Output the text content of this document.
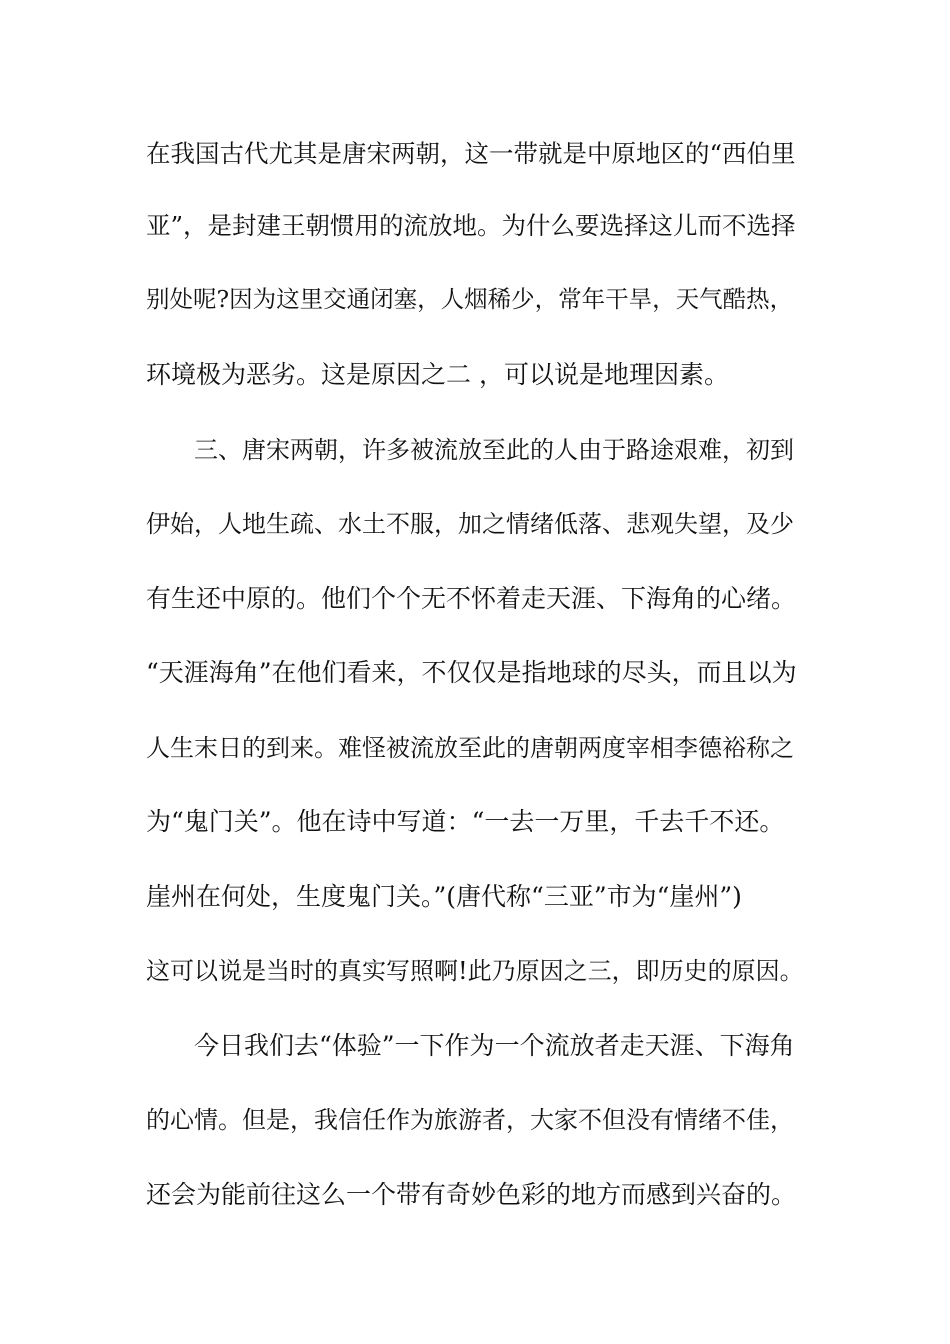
在我国古代尤其是唐宋两朝，这一带就是中原地区的“西伯里
亚”，是封建王朝惯用的流放地。为什么要选择这儿而不选择
别处呢?因为这里交通闭塞，人烟稀少，常年干旱，天气酷热，
环境极为恶劣。这是原因之二 ，可以说是地理因素。
三、唐宋两朝，许多被流放至此的人由于路途艰难，初到
伊始，人地生疏、水土不服，加之情绪低落、悲观失望，及少
有生还中原的。他们个个无不怀着走天涯、下海角的心绪。
“天涯海角”在他们看来，不仅仅是指地球的尽头，而且以为
人生末日的到来。难怪被流放至此的唐朝两度宰相李德裕称之
为“鬼门关”。他在诗中写道：“一去一万里，千去千不还。
崖州在何处，生度鬼门关。”(唐代称“三亚”市为“崖州”)
这可以说是当时的真实写照啊!此乃原因之三，即历史的原因。
今日我们去“体验”一下作为一个流放者走天涯、下海角
的心情。但是，我信任作为旅游者，大家不但没有情绪不佳，
还会为能前往这么一个带有奇妙色彩的地方而感到兴奋的。
